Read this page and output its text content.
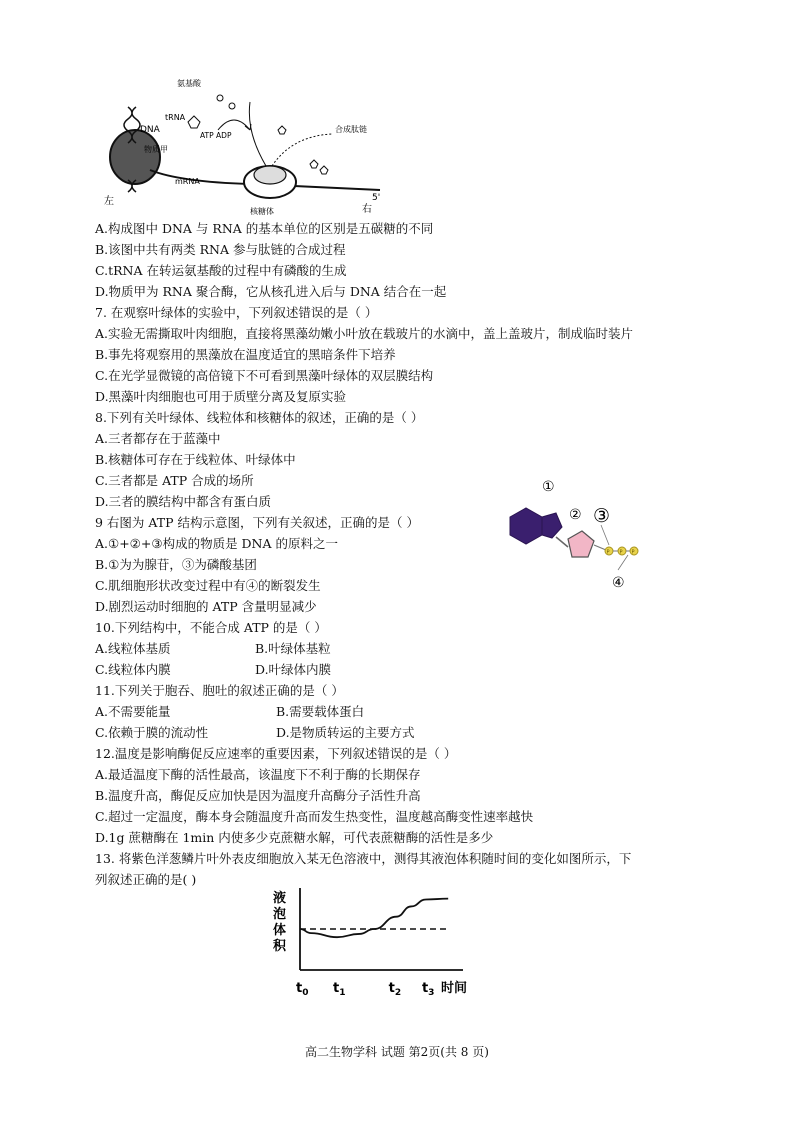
DNA
物质甲
左
mRNA
5'
右
核糖体
氨基酸
tRNA
ATP ADP
合成肽链
A.构成图中 DNA 与 RNA 的基本单位的区别是五碳糖的不同
B.该图中共有两类 RNA 参与肽链的合成过程
C.tRNA 在转运氨基酸的过程中有磷酸的生成
D.物质甲为 RNA 聚合酶，它从核孔进入后与 DNA 结合在一起
7. 在观察叶绿体的实验中，下列叙述错误的是（ ）
A.实验无需撕取叶肉细胞，直接将黑藻幼嫩小叶放在载玻片的水滴中，盖上盖玻片，制成临时装片
B.事先将观察用的黑藻放在温度适宜的黑暗条件下培养
C.在光学显微镜的高倍镜下不可看到黑藻叶绿体的双层膜结构
D.黑藻叶肉细胞也可用于质壁分离及复原实验
8.下列有关叶绿体、线粒体和核糖体的叙述，正确的是（ ）
A.三者都存在于蓝藻中
B.核糖体可存在于线粒体、叶绿体中
C.三者都是 ATP 合成的场所
D.三者的膜结构中都含有蛋白质
9 右图为 ATP 结构示意图，下列有关叙述，正确的是（ ）
A.①+②+③构成的物质是 DNA 的原料之一
B.①为为腺苷，③为磷酸基团
C.肌细胞形状改变过程中有④的断裂发生
D.剧烈运动时细胞的 ATP 含量明显减少
P P P
①
② ③
④
10.下列结构中，不能合成 ATP 的是（ ）
A.线粒体基质	B.叶绿体基粒
C.线粒体内膜	D.叶绿体内膜
11.下列关于胞吞、胞吐的叙述正确的是（ ）
A.不需要能量	B.需要载体蛋白
C.依赖于膜的流动性	D.是物质转运的主要方式
12.温度是影响酶促反应速率的重要因素，下列叙述错误的是（ ）
A.最适温度下酶的活性最高，该温度下不利于酶的长期保存
B.温度升高，酶促反应加快是因为温度升高酶分子活性升高
C.超过一定温度，酶本身会随温度升高而发生热变性，温度越高酶变性速率越快
D.1g 蔗糖酶在 1min 内使多少克蔗糖水解，可代表蔗糖酶的活性是多少
13. 将紫色洋葱鳞片叶外表皮细胞放入某无色溶液中，测得其液泡体积随时间的变化如图所示，下
列叙述正确的是( )
液泡体积
$t_0$ $t_1$	$t_2$ $t_3$ 时间
高二生物学科 试题 第2页(共 8 页)
